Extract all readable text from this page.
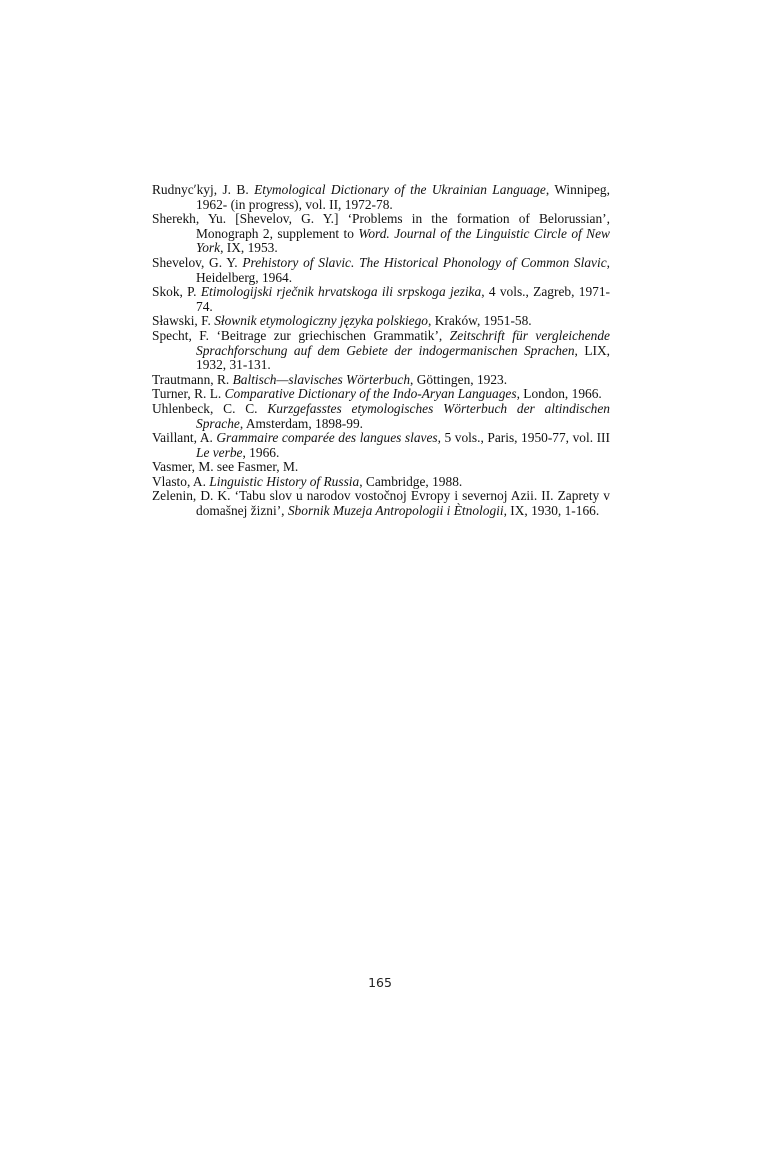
Rudnycʹkyj, J. B. Etymological Dictionary of the Ukrainian Language, Winnipeg, 1962- (in progress), vol. II, 1972-78.
Sherekh, Yu. [Shevelov, G. Y.] ‘Problems in the formation of Belorussian’, Monograph 2, supplement to Word. Journal of the Linguistic Circle of New York, IX, 1953.
Shevelov, G. Y. Prehistory of Slavic. The Historical Phonology of Common Slavic, Heidelberg, 1964.
Skok, P. Etimologijski rječnik hrvatskoga ili srpskoga jezika, 4 vols., Zagreb, 1971-74.
Sławski, F. Słownik etymologiczny języka polskiego, Kraków, 1951-58.
Specht, F. ‘Beitrage zur griechischen Grammatik’, Zeitschrift für vergleichende Sprachforschung auf dem Gebiete der indogermanischen Sprachen, LIX, 1932, 31-131.
Trautmann, R. Baltisch—slavisches Wörterbuch, Göttingen, 1923.
Turner, R. L. Comparative Dictionary of the Indo-Aryan Languages, London, 1966.
Uhlenbeck, C. C. Kurzgefasstes etymologisches Wörterbuch der altindischen Sprache, Amsterdam, 1898-99.
Vaillant, A. Grammaire comparée des langues slaves, 5 vols., Paris, 1950-77, vol. III Le verbe, 1966.
Vasmer, M. see Fasmer, M.
Vlasto, A. Linguistic History of Russia, Cambridge, 1988.
Zelenin, D. K. ‘Tabu slov u narodov vostočnoj Evropy i severnoj Azii. II. Zaprety v domašnej žizni’, Sbornik Muzeja Antropologii i Ètnologii, IX, 1930, 1-166.
165
